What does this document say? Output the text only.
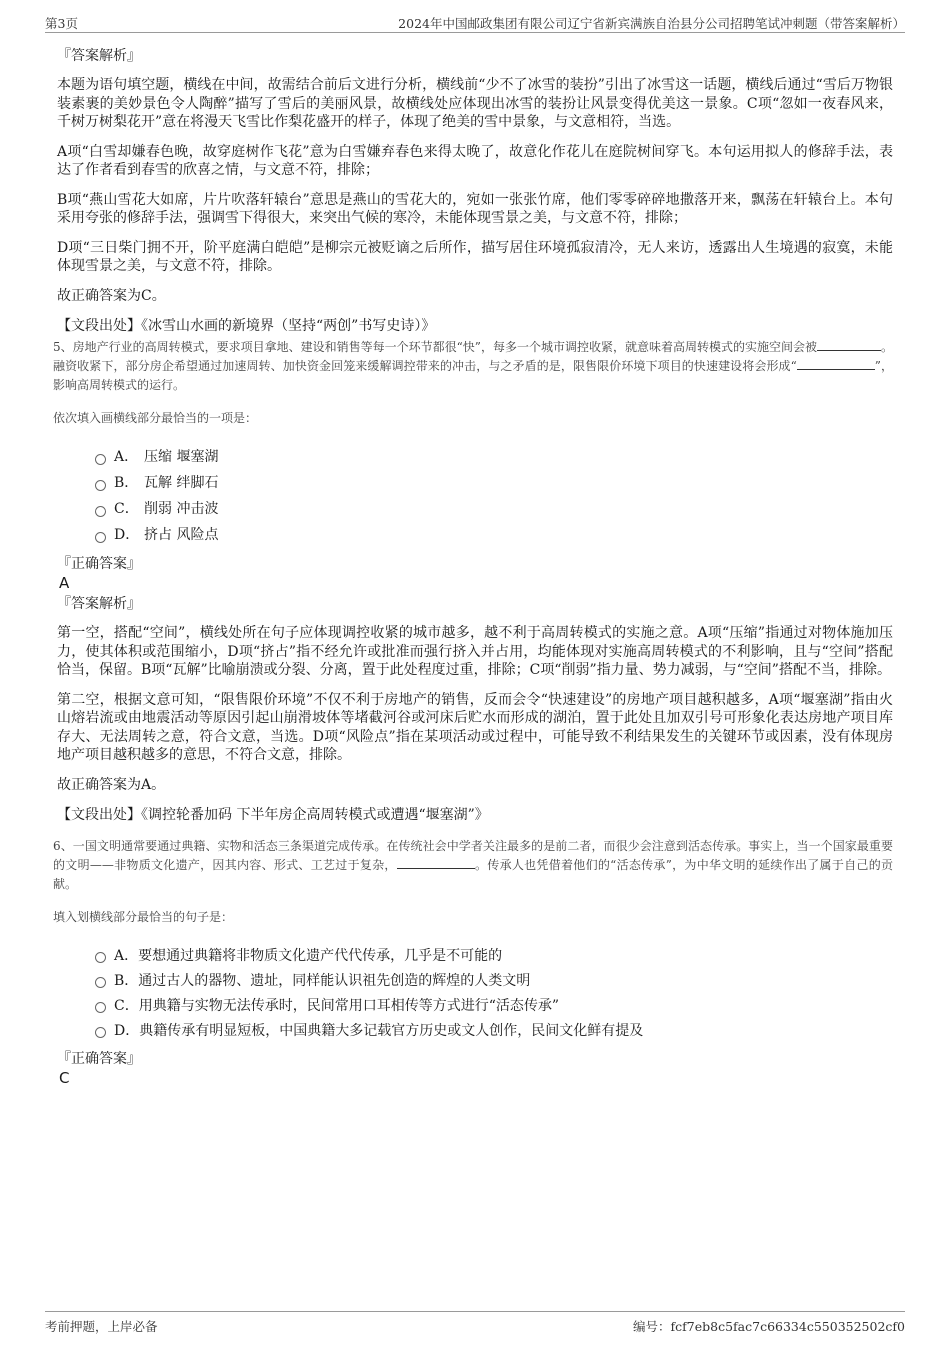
第3页	2024年中国邮政集团有限公司辽宁省新宾满族自治县分公司招聘笔试冲刺题（带答案解析）

『答案解析』

本题为语句填空题，横线在中间，故需结合前后文进行分析，横线前“少不了冰雪的装扮”引出了冰雪这一话题，横线后通过“雪后万物银装素裹的美妙景色令人陶醉”描写了雪后的美丽风景，故横线处应体现出冰雪的装扮让风景变得优美这一景象。C项“忽如一夜春风来，千树万树梨花开”意在将漫天飞雪比作梨花盛开的样子，体现了绝美的雪中景象，与文意相符，当选。

A项“白雪却嫌春色晚，故穿庭树作飞花”意为白雪嫌弃春色来得太晚了，故意化作花儿在庭院树间穿飞。本句运用拟人的修辞手法，表达了作者看到春雪的欣喜之情，与文意不符，排除；

B项“燕山雪花大如席，片片吹落轩辕台”意思是燕山的雪花大的，宛如一张张竹席，他们零零碎碎地撒落开来，飘荡在轩辕台上。本句采用夸张的修辞手法，强调雪下得很大，来突出气候的寒冷，未能体现雪景之美，与文意不符，排除；

D项“三日柴门拥不开，阶平庭满白皑皑”是柳宗元被贬谪之后所作，描写居住环境孤寂清冷，无人来访，透露出人生境遇的寂寞，未能体现雪景之美，与文意不符，排除。

故正确答案为C。

【文段出处】《冰雪山水画的新境界（坚持“两创”书写史诗）》

5、房地产行业的高周转模式，要求项目拿地、建设和销售等每一个环节都很“快”，每多一个城市调控收紧，就意味着高周转模式的实施空间会被	。融资收紧下，部分房企希望通过加速周转、加快资金回笼来缓解调控带来的冲击，与之矛盾的是，限售限价环境下项目的快速建设将会形成“	”，影响高周转模式的运行。
依次填入画横线部分最恰当的一项是：
A． 压缩 堰塞湖
B． 瓦解 绊脚石
C． 削弱 冲击波
D． 挤占 风险点

『正确答案』

A

『答案解析』

第一空，搭配“空间”，横线处所在句子应体现调控收紧的城市越多，越不利于高周转模式的实施之意。A项“压缩”指通过对物体施加压力，使其体积或范围缩小，D项“挤占”指不经允许或批准而强行挤入并占用，均能体现对实施高周转模式的不利影响，且与“空间”搭配恰当，保留。B项“瓦解”比喻崩溃或分裂、分离，置于此处程度过重，排除；C项“削弱”指力量、势力减弱，与“空间”搭配不当，排除。

第二空，根据文意可知，“限售限价环境”不仅不利于房地产的销售，反而会令“快速建设”的房地产项目越积越多，A项“堰塞湖”指由火山熔岩流或由地震活动等原因引起山崩滑坡体等堵截河谷或河床后贮水而形成的湖泊，置于此处且加双引号可形象化表达房地产项目库存大、无法周转之意，符合文意，当选。D项“风险点”指在某项活动或过程中，可能导致不利结果发生的关键环节或因素，没有体现房地产项目越积越多的意思，不符合文意，排除。

故正确答案为A。

【文段出处】《调控轮番加码 下半年房企高周转模式或遭遇“堰塞湖”》

6、一国文明通常要通过典籍、实物和活态三条渠道完成传承。在传统社会中学者关注最多的是前二者，而很少会注意到活态传承。事实上，当一个国家最重要的文明——非物质文化遗产，因其内容、形式、工艺过于复杂，	。传承人也凭借着他们的“活态传承”，为中华文明的延续作出了属于自己的贡献。
填入划横线部分最恰当的句子是：
A． 要想通过典籍将非物质文化遗产代代传承，几乎是不可能的
B． 通过古人的器物、遗址，同样能认识祖先创造的辉煌的人类文明
C． 用典籍与实物无法传承时，民间常用口耳相传等方式进行“活态传承”
D． 典籍传承有明显短板，中国典籍大多记载官方历史或文人创作，民间文化鲜有提及

『正确答案』

C

考前押题，上岸必备	编号：fcf7eb8c5fac7c66334c550352502cf0
